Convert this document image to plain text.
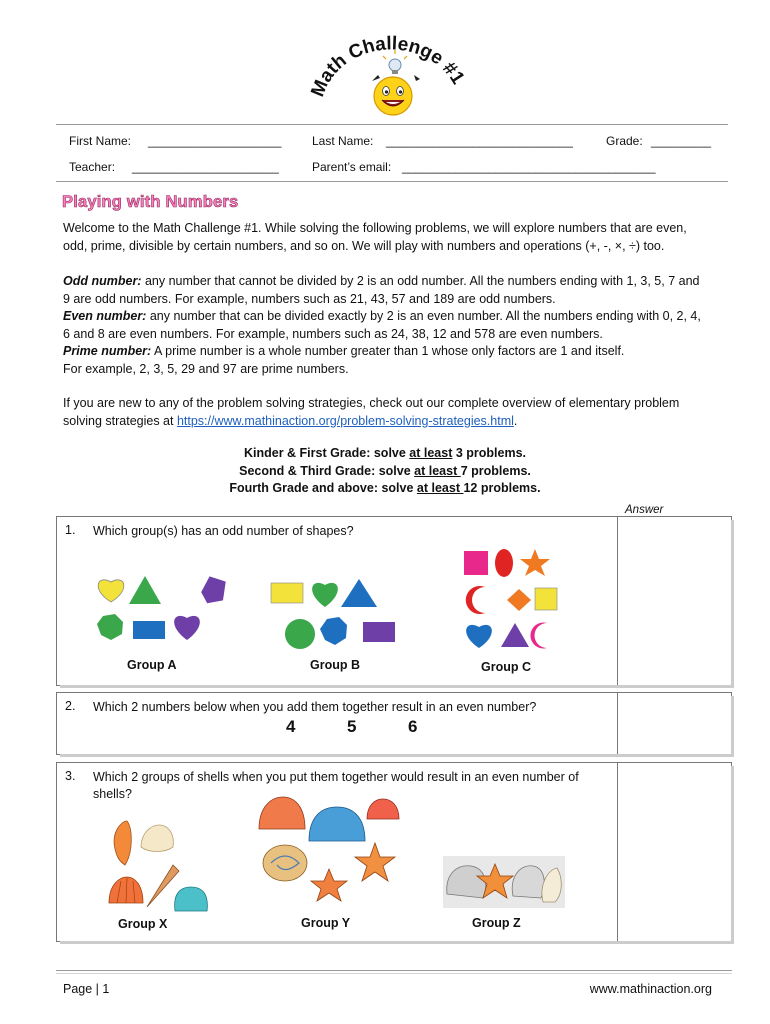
Math Challenge #1
First Name: ____________________	Last Name: ____________________________	Grade: _________
Teacher: ______________________	Parent’s email: ______________________________________
Playing with Numbers
Welcome to the Math Challenge #1. While solving the following problems, we will explore numbers that are even,
odd, prime, divisible by certain numbers, and so on. We will play with numbers and operations (+, -, ×, ÷) too.
Odd number: any number that cannot be divided by 2 is an odd number. All the numbers ending with 1, 3, 5, 7 and
9 are odd numbers. For example, numbers such as 21, 43, 57 and 189 are odd numbers.
Even number: any number that can be divided exactly by 2 is an even number. All the numbers ending with 0, 2, 4,
6 and 8 are even numbers. For example, numbers such as 24, 38, 12 and 578 are even numbers.
Prime number: A prime number is a whole number greater than 1 whose only factors are 1 and itself.
For example, 2, 3, 5, 29 and 97 are prime numbers.
If you are new to any of the problem solving strategies, check out our complete overview of elementary problem
solving strategies at https://www.mathinaction.org/problem-solving-strategies.html.
Kinder & First Grade: solve at least 3 problems.
Second & Third Grade: solve at least 7 problems.
Fourth Grade and above: solve at least 12 problems.
Answer
1. Which group(s) has an odd number of shapes?
Group A	Group B	Group C
2. Which 2 numbers below when you add them together result in an even number?
4	5	6
3. Which 2 groups of shells when you put them together would result in an even number of shells?
Group X	Group Y	Group Z
Page | 1	www.mathinaction.org
